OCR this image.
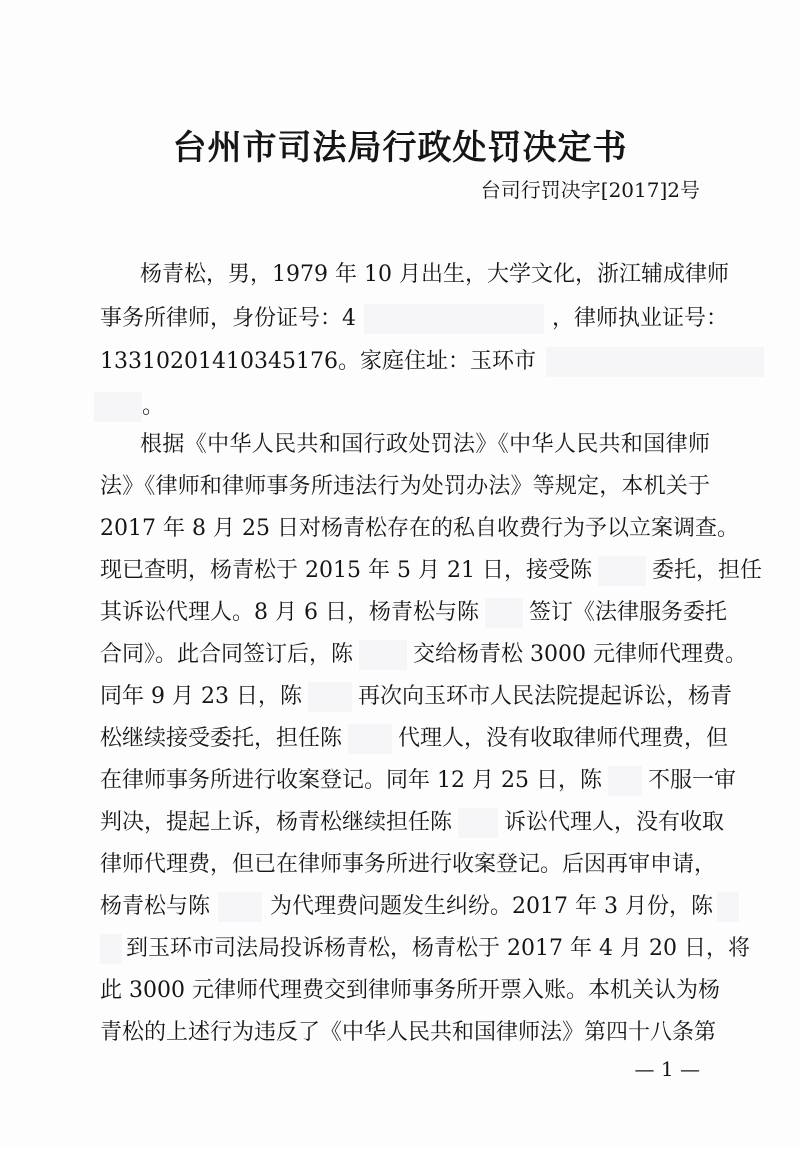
台州市司法局行政处罚决定书
台司行罚决字[2017]2号
杨青松，男，1979 年 10 月出生，大学文化，浙江辅成律师
事务所律师，身份证号：4	，律师执业证号：
13310201410345176。家庭住址：玉环市
。
根据《中华人民共和国行政处罚法》《中华人民共和国律师
法》《律师和律师事务所违法行为处罚办法》等规定，本机关于
2017 年 8 月 25 日对杨青松存在的私自收费行为予以立案调查。
现已查明，杨青松于 2015 年 5 月 21 日，接受陈	委托，担任
其诉讼代理人。8 月 6 日，杨青松与陈 签订《法律服务委托
合同》。此合同签订后，陈	交给杨青松 3000 元律师代理费。
同年 9 月 23 日，陈	再次向玉环市人民法院提起诉讼，杨青
松继续接受委托，担任陈	代理人，没有收取律师代理费，但
在律师事务所进行收案登记。同年 12 月 25 日，陈 不服一审
判决，提起上诉，杨青松继续担任陈 诉讼代理人，没有收取
律师代理费，但已在律师事务所进行收案登记。后因再审申请，
杨青松与陈	为代理费问题发生纠纷。2017 年 3 月份，陈
到玉环市司法局投诉杨青松，杨青松于 2017 年 4 月 20 日，将
此 3000 元律师代理费交到律师事务所开票入账。本机关认为杨
青松的上述行为违反了《中华人民共和国律师法》第四十八条第
— 1 —
